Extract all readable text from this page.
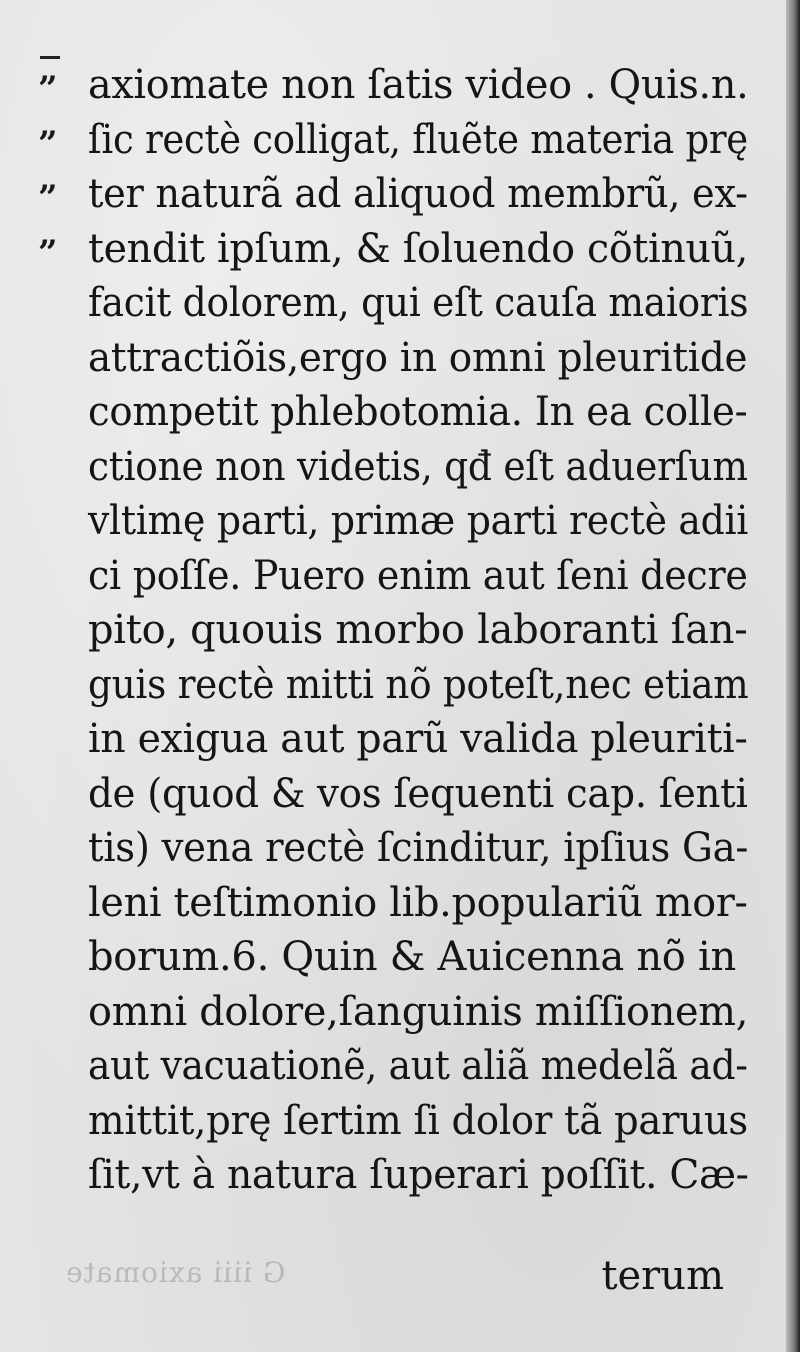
”
”
”
”
axiomate non ſatis video . Quis.n.
ſic rectè colligat, fluẽte materia prę
ter naturã ad aliquod membrũ, ex-
tendit ipſum, & ſoluendo cõtinuũ,
facit dolorem, qui eſt cauſa maioris
attractiõis,ergo in omni pleuritide
competit phlebotomia. In ea colle-
ctione non videtis, qđ eſt aduerſum
vltimę parti, primæ parti rectè adii
ci poſſe. Puero enim aut ſeni decre
pito, quouis morbo laboranti ſan-
guis rectè mitti nõ poteſt,nec etiam
in exigua aut parũ valida pleuriti-
de (quod & vos ſequenti cap. ſenti
tis) vena rectè ſcinditur, ipſius Ga-
leni teſtimonio lib.populariũ mor-
borum.6. Quin & Auicenna nõ in
omni dolore,ſanguinis miſſionem,
aut vacuationẽ, aut aliã medelã ad-
mittit,prę ſertim ſi dolor tã paruus
ſit,vt à natura ſuperari poſſit. Cæ-
G iiii axiomate	terum
